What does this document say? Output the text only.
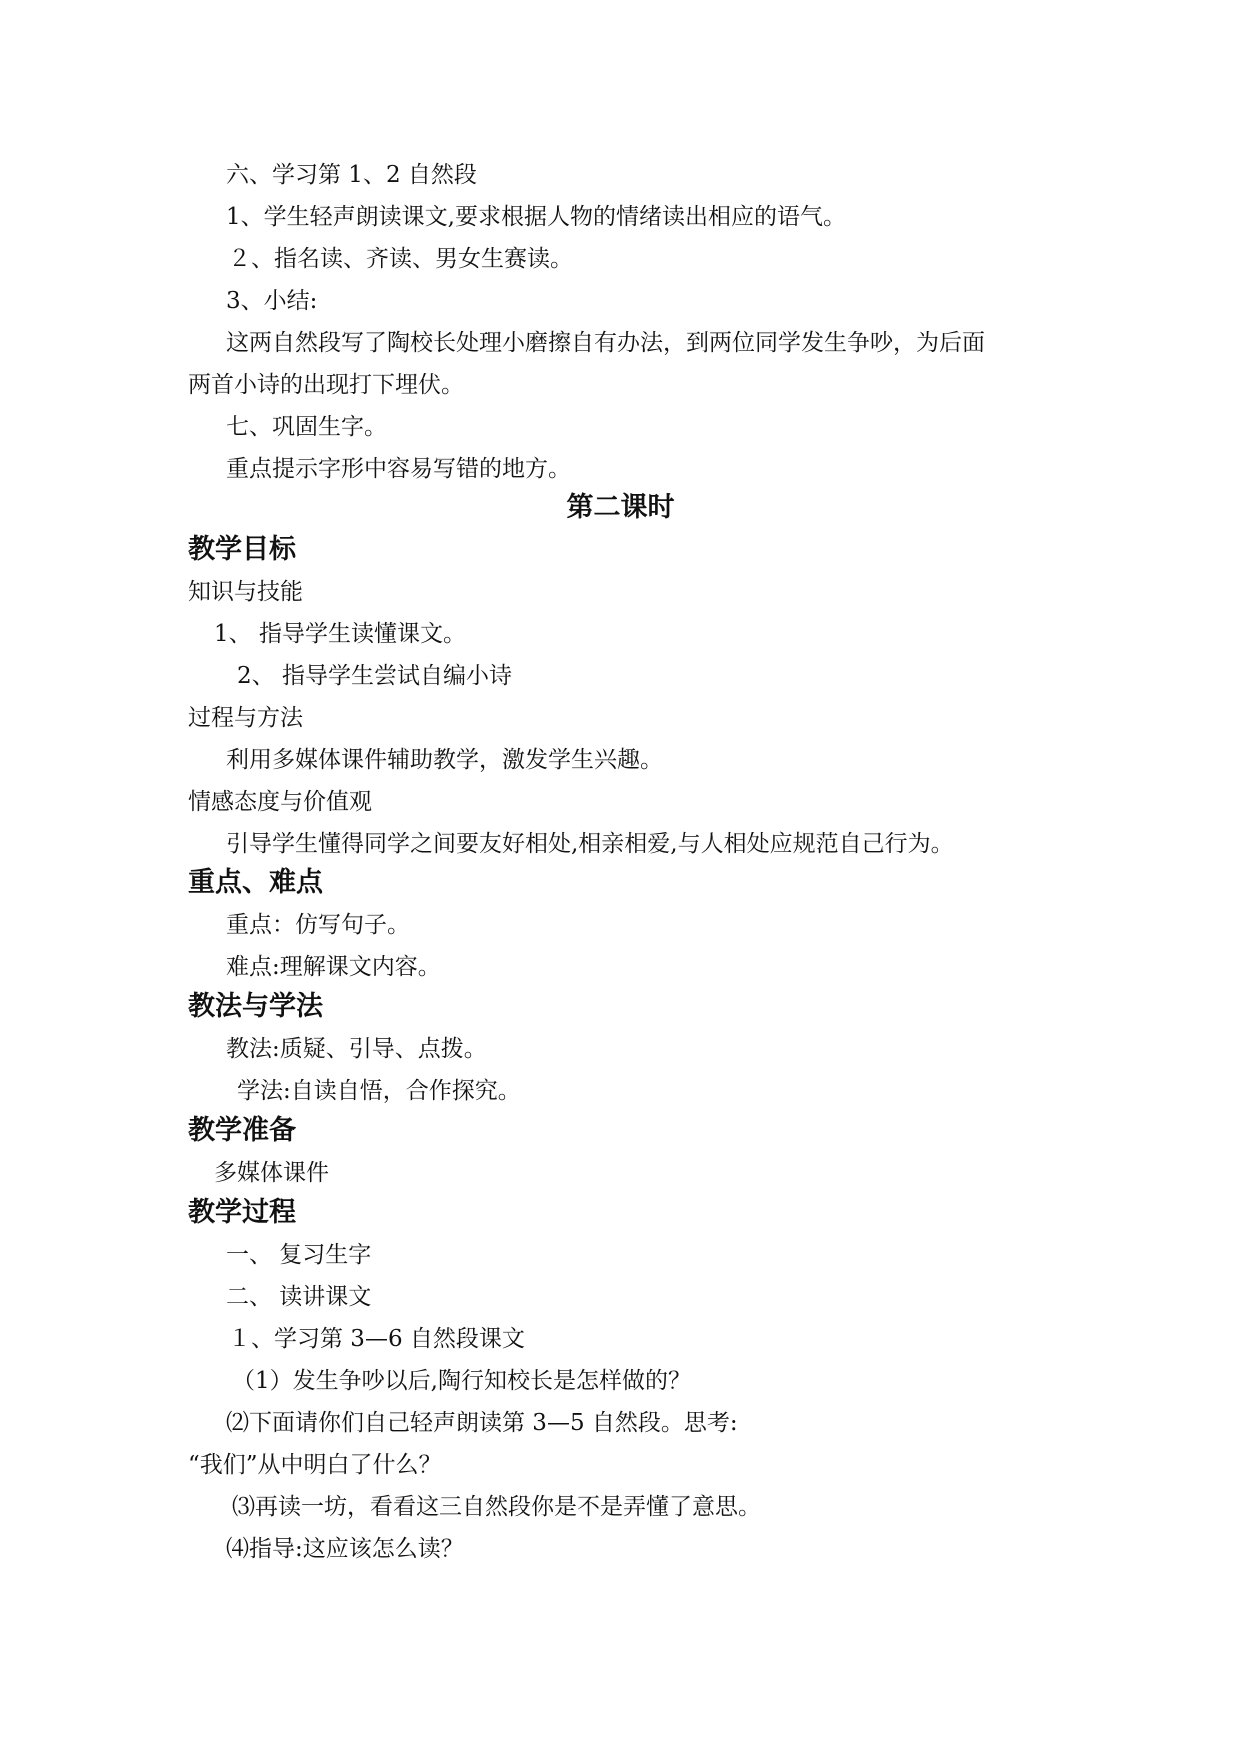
六、学习第 1、2 自然段
1、学生轻声朗读课文,要求根据人物的情绪读出相应的语气。
２、指名读、齐读、男女生赛读。
3、小结:
这两自然段写了陶校长处理小磨擦自有办法，到两位同学发生争吵，为后面
两首小诗的出现打下埋伏。
七、巩固生字。
重点提示字形中容易写错的地方。
第二课时
教学目标
知识与技能
1、 指导学生读懂课文。
2、 指导学生尝试自编小诗
过程与方法
利用多媒体课件辅助教学，激发学生兴趣。
情感态度与价值观
引导学生懂得同学之间要友好相处,相亲相爱,与人相处应规范自己行为。
重点、难点
重点：仿写句子。
难点:理解课文内容。
教法与学法
教法:质疑、引导、点拨。
学法:自读自悟，合作探究。
教学准备
多媒体课件
教学过程
一、 复习生字
二、 读讲课文
１、学习第 3—6 自然段课文
（1）发生争吵以后,陶行知校长是怎样做的？
⑵下面请你们自己轻声朗读第 3—5 自然段。思考:
“我们”从中明白了什么？
⑶再读一坊，看看这三自然段你是不是弄懂了意思。
⑷指导:这应该怎么读？
